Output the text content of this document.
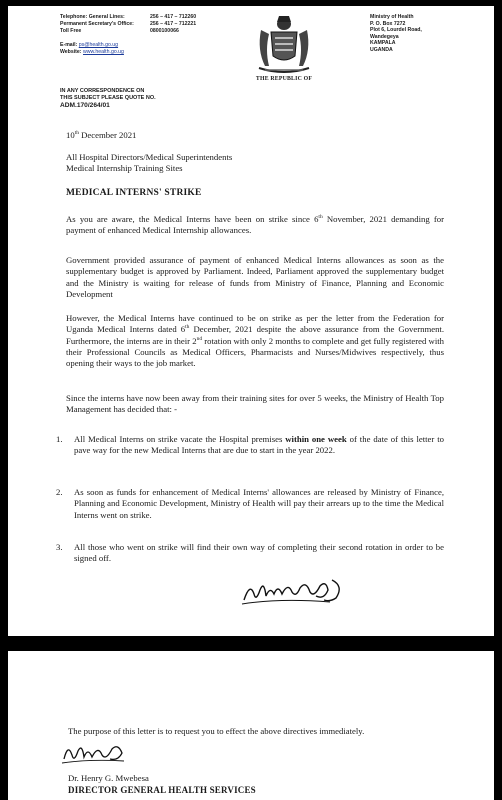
Telephone: General Lines:	256 – 417 – 712260
Permanent Secretary's Office:	256 – 417 – 712221
Toll Free	0800100066
E-mail:
ps@health.go.ug
Website:
www.health.go.ug
THE REPUBLIC OF
Ministry of Health
P. O. Box 7272
Plot 6, Lourdel Road,
Wandegeya
KAMPALA
UGANDA
IN ANY CORRESPONDENCE ON
THIS SUBJECT PLEASE QUOTE NO.
ADM.170/264/01
10th December 2021
All Hospital Directors/Medical Superintendents
Medical Internship Training Sites
MEDICAL INTERNS' STRIKE
As you are aware, the Medical Interns have been on strike since 6th November, 2021 demanding for payment of enhanced Medical Internship allowances.
Government provided assurance of payment of enhanced Medical Interns allowances as soon as the supplementary budget is approved by Parliament. Indeed, Parliament approved the supplementary budget and the Ministry is waiting for release of funds from Ministry of Finance, Planning and Economic Development
However, the Medical Interns have continued to be on strike as per the letter from the Federation for Uganda Medical Interns dated 6th December, 2021 despite the above assurance from the Government. Furthermore, the interns are in their 2nd rotation with only 2 months to complete and get fully registered with their Professional Councils as Medical Officers, Pharmacists and Nurses/Midwives respectively, thus opening their ways to the job market.
Since the interns have now been away from their training sites for over 5 weeks, the Ministry of Health Top Management has decided that: -
1.	All Medical Interns on strike vacate the Hospital premises within one week of the date of this letter to pave way for the new Medical Interns that are due to start in the year 2022.
2.	As soon as funds for enhancement of Medical Interns' allowances are released by Ministry of Finance, Planning and Economic Development, Ministry of Health will pay their arrears up to the time the Medical Interns went on strike.
3.	All those who went on strike will find their own way of completing their second rotation in order to be signed off.
The purpose of this letter is to request you to effect the above directives immediately.
Dr. Henry G. Mwebesa
DIRECTOR GENERAL HEALTH SERVICES
